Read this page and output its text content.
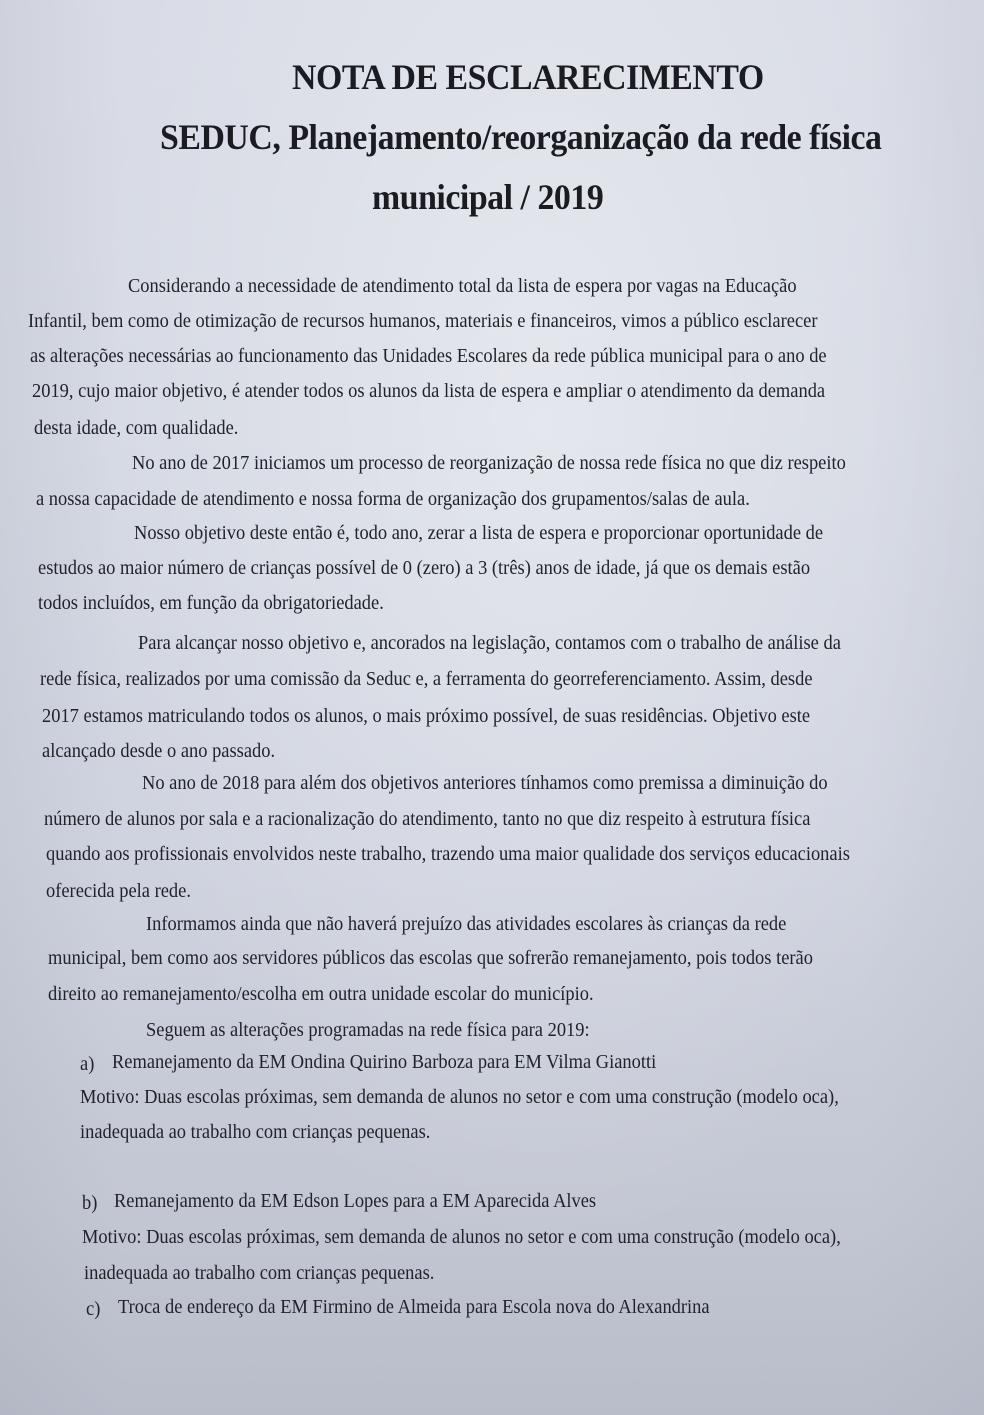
NOTA DE ESCLARECIMENTO
SEDUC, Planejamento/reorganização da rede física
municipal / 2019
Considerando a necessidade de atendimento total da lista de espera por vagas na Educação
Infantil, bem como de otimização de recursos humanos, materiais e financeiros, vimos a público esclarecer
as alterações necessárias ao funcionamento das Unidades Escolares da rede pública municipal para o ano de
2019, cujo maior objetivo, é atender todos os alunos da lista de espera e ampliar o atendimento da demanda
desta idade, com qualidade.
No ano de 2017 iniciamos um processo de reorganização de nossa rede física no que diz respeito
a nossa capacidade de atendimento e nossa forma de organização dos grupamentos/salas de aula.
Nosso objetivo deste então é, todo ano, zerar a lista de espera e proporcionar oportunidade de
estudos ao maior número de crianças possível de 0 (zero) a 3 (três) anos de idade, já que os demais estão
todos incluídos, em função da obrigatoriedade.
Para alcançar nosso objetivo e, ancorados na legislação, contamos com o trabalho de análise da
rede física, realizados por uma comissão da Seduc e, a ferramenta do georreferenciamento. Assim, desde
2017 estamos matriculando todos os alunos, o mais próximo possível, de suas residências. Objetivo este
alcançado desde o ano passado.
No ano de 2018 para além dos objetivos anteriores tínhamos como premissa a diminuição do
número de alunos por sala e a racionalização do atendimento, tanto no que diz respeito à estrutura física
quando aos profissionais envolvidos neste trabalho, trazendo uma maior qualidade dos serviços educacionais
oferecida pela rede.
Informamos ainda que não haverá prejuízo das atividades escolares às crianças da rede
municipal, bem como aos servidores públicos das escolas que sofrerão remanejamento, pois todos terão
direito ao remanejamento/escolha em outra unidade escolar do município.
Seguem as alterações programadas na rede física para 2019:
a) Remanejamento da EM Ondina Quirino Barboza para EM Vilma Gianotti
Motivo: Duas escolas próximas, sem demanda de alunos no setor e com uma construção (modelo oca),
inadequada ao trabalho com crianças pequenas.
b) Remanejamento da EM Edson Lopes para a EM Aparecida Alves
Motivo: Duas escolas próximas, sem demanda de alunos no setor e com uma construção (modelo oca),
inadequada ao trabalho com crianças pequenas.
c) Troca de endereço da EM Firmino de Almeida para Escola nova do Alexandrina
